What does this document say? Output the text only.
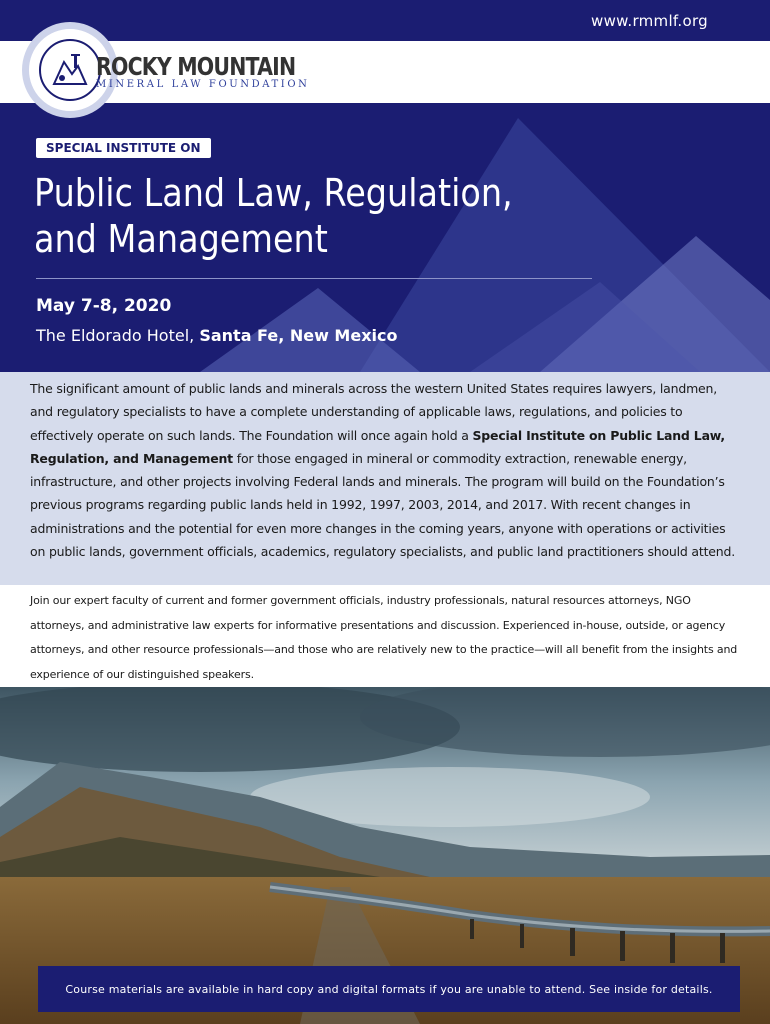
www.rmmlf.org
ROCKY MOUNTAIN
MINERAL LAW FOUNDATION
SPECIAL INSTITUTE ON
Public Land Law, Regulation,
and Management
May 7-8, 2020
The Eldorado Hotel, Santa Fe, New Mexico

The significant amount of public lands and minerals across the western United States requires lawyers, landmen, and regulatory specialists to have a complete understanding of applicable laws, regulations, and policies to effectively operate on such lands. The Foundation will once again hold a Special Institute on Public Land Law, Regulation, and Management for those engaged in mineral or commodity extraction, renewable energy, infrastructure, and other projects involving Federal lands and minerals. The program will build on the Foundation’s previous programs regarding public lands held in 1992, 1997, 2003, 2014, and 2017. With recent changes in administrations and the potential for even more changes in the coming years, anyone with operations or activities on public lands, government officials, academics, regulatory specialists, and public land practitioners should attend.

Join our expert faculty of current and former government officials, industry professionals, natural resources attorneys, NGO attorneys, and administrative law experts for informative presentations and discussion. Experienced in-house, outside, or agency attorneys, and other resource professionals—and those who are relatively new to the practice—will all benefit from the insights and experience of our distinguished speakers.

Course materials are available in hard copy and digital formats if you are unable to attend. See inside for details.
